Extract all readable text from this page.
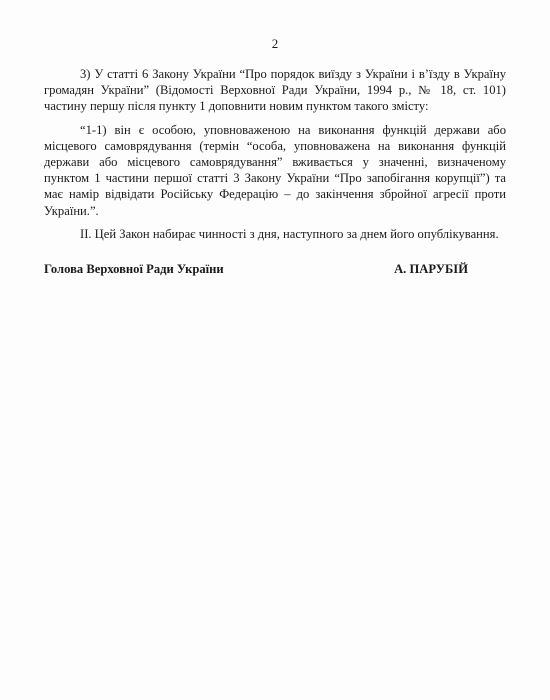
2

3) У статті 6 Закону України “Про порядок виїзду з України і в’їзду в Україну громадян України” (Відомості Верховної Ради України, 1994 р., № 18, ст. 101) частину першу після пункту 1 доповнити новим пунктом такого змісту:

“1-1) він є особою, уповноваженою на виконання функцій держави або місцевого самоврядування (термін “особа, уповноважена на виконання функцій держави або місцевого самоврядування” вживається у значенні, визначеному пунктом 1 частини першої статті 3 Закону України “Про запобігання корупції”) та має намір відвідати Російську Федерацію – до закінчення збройної агресії проти України.”.

II. Цей Закон набирає чинності з дня, наступного за днем його опублікування.

Голова Верховної Ради України	А. ПАРУБІЙ
